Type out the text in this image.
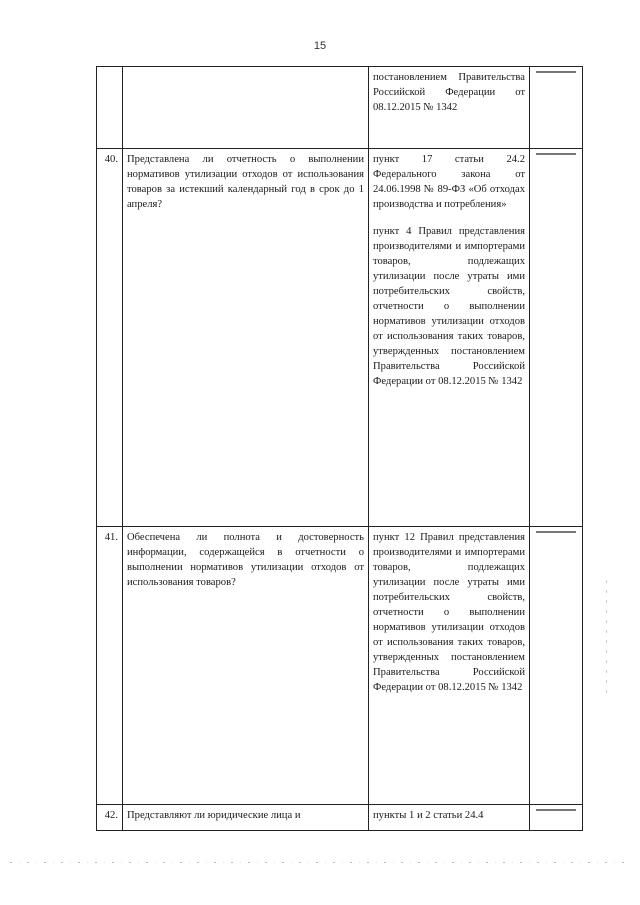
15

		постановлением Правительства Российской Федерации от 08.12.2015 № 1342	

40.	Представлена ли отчетность о выполнении нормативов утилизации отходов от использования товаров за истекший календарный год в срок до 1 апреля?	пункт 17 статьи 24.2 Федерального закона от 24.06.1998 № 89-ФЗ «Об отходах производства и потребления»

пункт 4 Правил представления производителями и импортерами товаров, подлежащих утилизации после утраты ими потребительских свойств, отчетности о выполнении нормативов утилизации отходов от использования таких товаров, утвержденных постановлением Правительства Российской Федерации от 08.12.2015 № 1342	

41.	Обеспечена ли полнота и достоверность информации, содержащейся в отчетности о выполнении нормативов утилизации отходов от использования товаров?	пункт 12 Правил представления производителями и импортерами товаров, подлежащих утилизации после утраты ими потребительских свойств, отчетности о выполнении нормативов утилизации отходов от использования таких товаров, утвержденных постановлением Правительства Российской Федерации от 08.12.2015 № 1342	

42.	Представляют ли юридические лица и	пункты 1 и 2 статьи 24.4	
